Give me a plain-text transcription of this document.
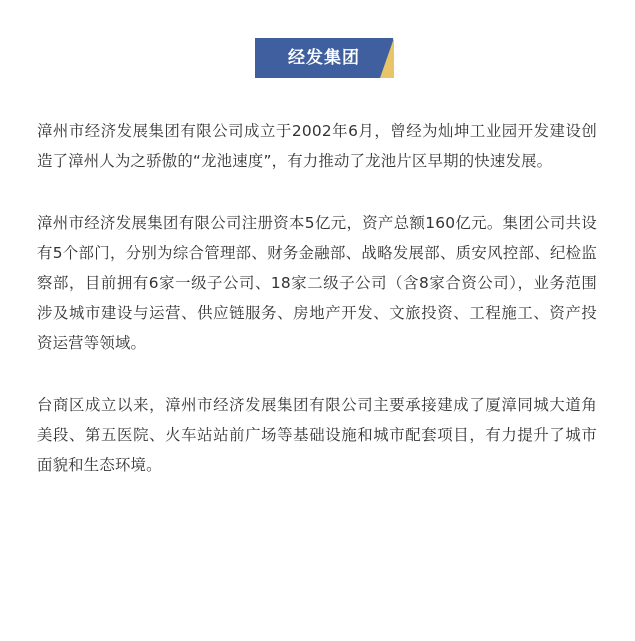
经发集团

漳州市经济发展集团有限公司成立于2002年6月，曾经为灿坤工业园开发建设创造了漳州人为之骄傲的“龙池速度”，有力推动了龙池片区早期的快速发展。

漳州市经济发展集团有限公司注册资本5亿元，资产总额160亿元。集团公司共设有5个部门，分别为综合管理部、财务金融部、战略发展部、质安风控部、纪检监察部，目前拥有6家一级子公司、18家二级子公司（含8家合资公司），业务范围涉及城市建设与运营、供应链服务、房地产开发、文旅投资、工程施工、资产投资运营等领域。

台商区成立以来，漳州市经济发展集团有限公司主要承接建成了厦漳同城大道角美段、第五医院、火车站站前广场等基础设施和城市配套项目，有力提升了城市面貌和生态环境。
